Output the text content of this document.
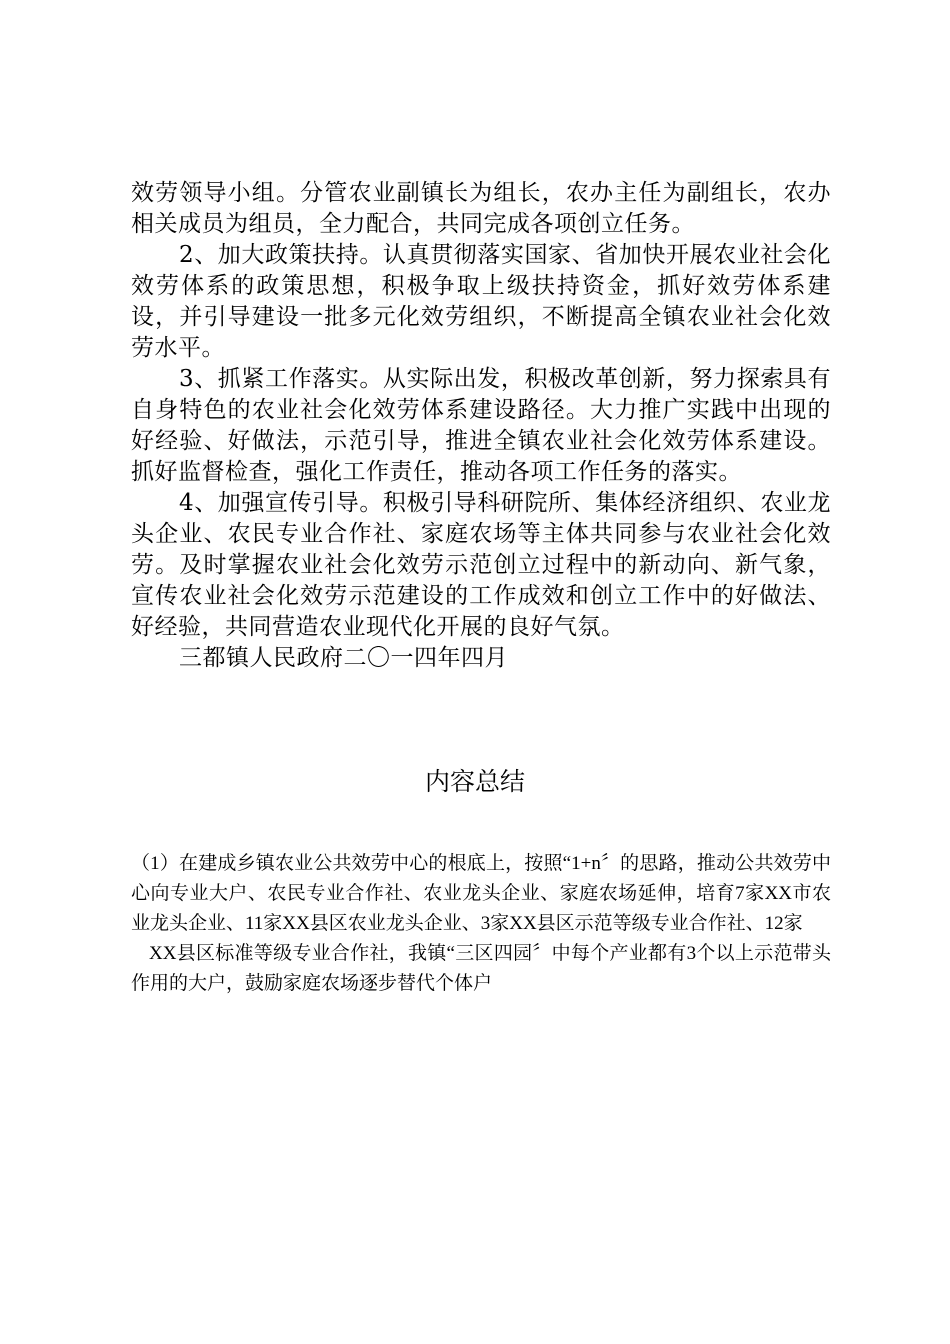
效劳领导小组。分管农业副镇长为组长，农办主任为副组长，农办相关成员为组员，全力配合，共同完成各项创立任务。

2、加大政策扶持。认真贯彻落实国家、省加快开展农业社会化效劳体系的政策思想，积极争取上级扶持资金，抓好效劳体系建设，并引导建设一批多元化效劳组织，不断提高全镇农业社会化效劳水平。

3、抓紧工作落实。从实际出发，积极改革创新，努力探索具有自身特色的农业社会化效劳体系建设路径。大力推广实践中出现的好经验、好做法，示范引导，推进全镇农业社会化效劳体系建设。抓好监督检查，强化工作责任，推动各项工作任务的落实。

4、加强宣传引导。积极引导科研院所、集体经济组织、农业龙头企业、农民专业合作社、家庭农场等主体共同参与农业社会化效劳。及时掌握农业社会化效劳示范创立过程中的新动向、新气象，宣传农业社会化效劳示范建设的工作成效和创立工作中的好做法、好经验，共同营造农业现代化开展的良好气氛。

三都镇人民政府二〇一四年四月

内容总结

（1）在建成乡镇农业公共效劳中心的根底上，按照“1+n〞的思路，推动公共效劳中心向专业大户、农民专业合作社、农业龙头企业、家庭农场延伸，培育7家XX市农业龙头企业、11家XX县区农业龙头企业、3家XX县区示范等级专业合作社、12家

XX县区标准等级专业合作社，我镇“三区四园〞中每个产业都有3个以上示范带头作用的大户，鼓励家庭农场逐步替代个体户
